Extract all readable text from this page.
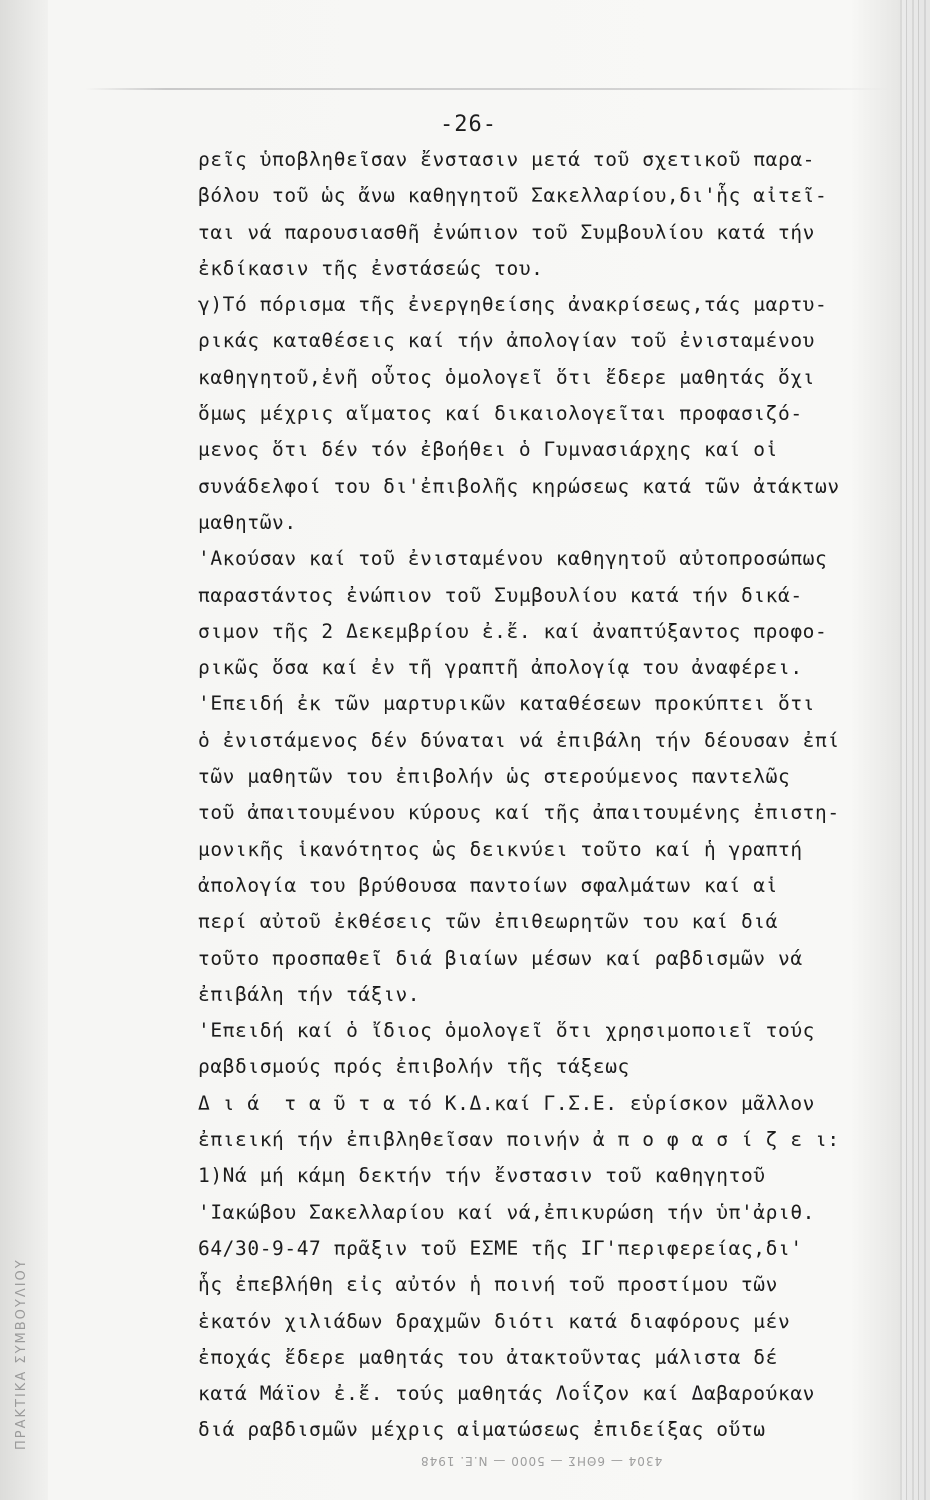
-26-
ρεῖς ὑποβληθεῖσαν ἔνστασιν μετά τοῦ σχετικοῦ παρα-
βόλου τοῦ ὡς ἄνω καθηγητοῦ Σακελλαρίου,δι'ἧς αἰτεῖ-
ται νά παρουσιασθῆ ἐνώπιον τοῦ Συμβουλίου κατά τήν
ἐκδίκασιν τῆς ἐνστάσεώς του.
γ)Τό πόρισμα τῆς ἐνεργηθείσης ἀνακρίσεως,τάς μαρτυ-
ρικάς καταθέσεις καί τήν ἀπολογίαν τοῦ ἐνισταμένου
καθηγητοῦ,ἐνῆ οὗτος ὁμολογεῖ ὅτι ἔδερε μαθητάς ὄχι
ὅμως μέχρις αἵματος καί δικαιολογεῖται προφασιζό-
μενος ὅτι δέν τόν ἐβοήθει ὁ Γυμνασιάρχης καί οἱ
συνάδελφοί του δι'ἐπιβολῆς κηρώσεως κατά τῶν ἀτάκτων
μαθητῶν.
'Ακούσαν καί τοῦ ἐνισταμένου καθηγητοῦ αὐτοπροσώπως
παραστάντος ἐνώπιον τοῦ Συμβουλίου κατά τήν δικά-
σιμον τῆς 2 Δεκεμβρίου ἐ.ἔ. καί ἀναπτύξαντος προφο-
ρικῶς ὅσα καί ἐν τῆ γραπτῆ ἀπολογίᾳ του ἀναφέρει.
'Επειδή ἐκ τῶν μαρτυρικῶν καταθέσεων προκύπτει ὅτι
ὁ ἐνιστάμενος δέν δύναται νά ἐπιβάλη τήν δέουσαν ἐπί
τῶν μαθητῶν του ἐπιβολήν ὡς στερούμενος παντελῶς
τοῦ ἀπαιτουμένου κύρους καί τῆς ἀπαιτουμένης ἐπιστη-
μονικῆς ἱκανότητος ὡς δεικνύει τοῦτο καί ἡ γραπτή
ἀπολογία του βρύθουσα παντοίων σφαλμάτων καί αἱ
περί αὐτοῦ ἐκθέσεις τῶν ἐπιθεωρητῶν του καί διά
τοῦτο προσπαθεῖ διά βιαίων μέσων καί ραβδισμῶν νά
ἐπιβάλη τήν τάξιν.
'Επειδή καί ὁ ἴδιος ὁμολογεῖ ὅτι χρησιμοποιεῖ τούς
ραβδισμούς πρός ἐπιβολήν τῆς τάξεως
Δ ι ά  τ α ῦ τ α τό Κ.Δ.καί Γ.Σ.Ε. εὑρίσκον μᾶλλον
ἐπιεική τήν ἐπιβληθεῖσαν ποινήν ἀ π ο φ α σ ί ζ ε ι:
1)Νά μή κάμη δεκτήν τήν ἔνστασιν τοῦ καθηγητοῦ
'Ιακώβου Σακελλαρίου καί νά,ἐπικυρώση τήν ὑπ'ἀριθ.
64/30-9-47 πρᾶξιν τοῦ ΕΣΜΕ τῆς ΙΓ'περιφερείας,δι'
ἧς ἐπεβλήθη εἰς αὐτόν ἡ ποινή τοῦ προστίμου τῶν
ἑκατόν χιλιάδων δραχμῶν διότι κατά διαφόρους μέν
ἐποχάς ἔδερε μαθητάς του ἀτακτοῦντας μάλιστα δέ
κατά Μάϊον ἐ.ἔ. τούς μαθητάς Λοΐζον καί Δαβαρούκαν
διά ραβδισμῶν μέχρις αἱματώσεως ἐπιδείξας οὕτω
ΠΡΑΚΤΙΚΑ ΣΥΜΒΟΥΛΙΟΥ
4304 — 6ΘΗΣ — 5000 — Ν.Ε. 1948
